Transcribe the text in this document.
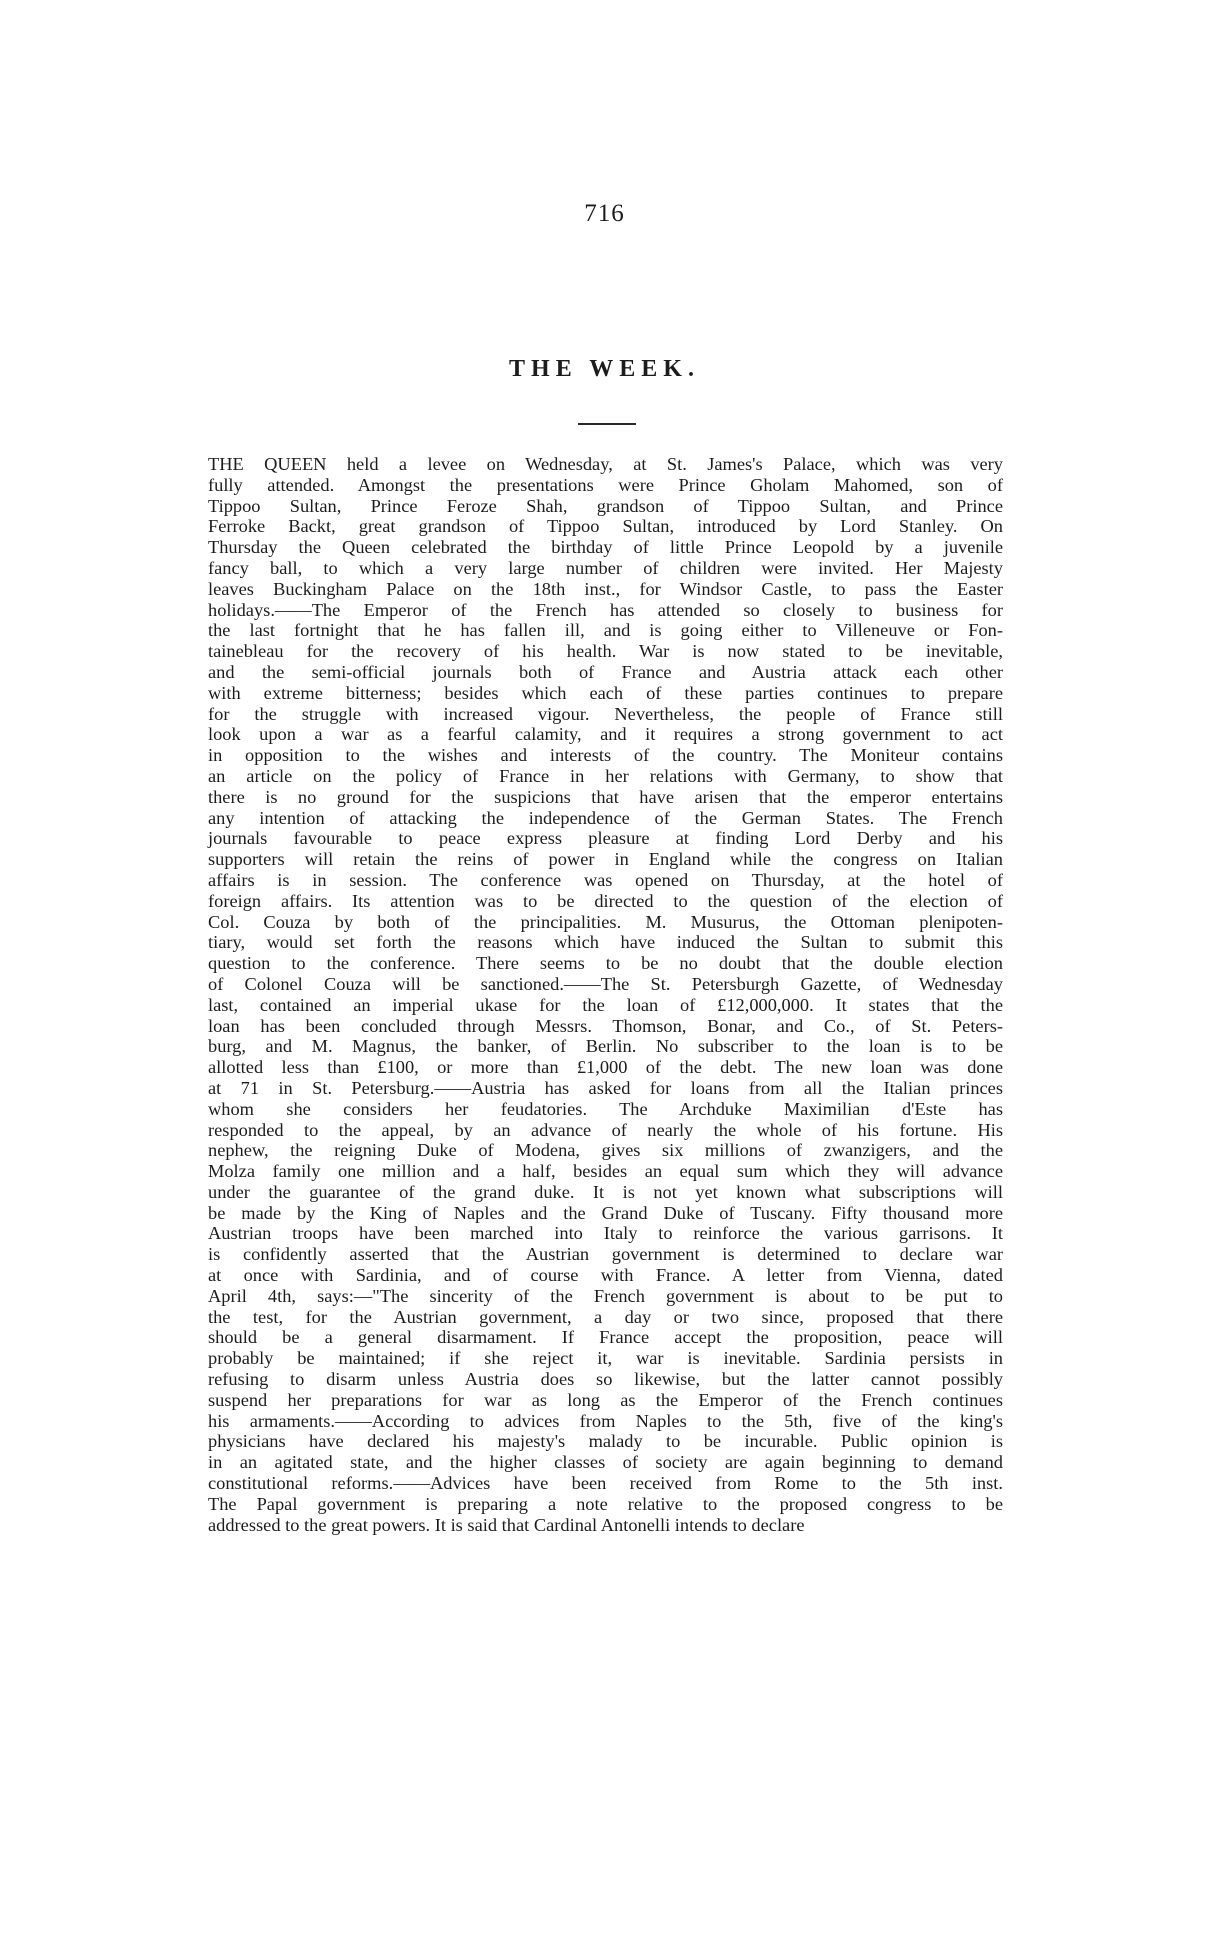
716
THE WEEK.
THE QUEEN held a levee on Wednesday, at St. James's Palace, which was very
fully attended. Amongst the presentations were Prince Gholam Mahomed, son of
Tippoo Sultan, Prince Feroze Shah, grandson of Tippoo Sultan, and Prince
Ferroke Backt, great grandson of Tippoo Sultan, introduced by Lord Stanley. On
Thursday the Queen celebrated the birthday of little Prince Leopold by a juvenile
fancy ball, to which a very large number of children were invited. Her Majesty
leaves Buckingham Palace on the 18th inst., for Windsor Castle, to pass the Easter
holidays.——The Emperor of the French has attended so closely to business for
the last fortnight that he has fallen ill, and is going either to Villeneuve or Fon-
tainebleau for the recovery of his health. War is now stated to be inevitable,
and the semi-official journals both of France and Austria attack each other
with extreme bitterness; besides which each of these parties continues to prepare
for the struggle with increased vigour. Nevertheless, the people of France still
look upon a war as a fearful calamity, and it requires a strong government to act
in opposition to the wishes and interests of the country. The Moniteur contains
an article on the policy of France in her relations with Germany, to show that
there is no ground for the suspicions that have arisen that the emperor entertains
any intention of attacking the independence of the German States. The French
journals favourable to peace express pleasure at finding Lord Derby and his
supporters will retain the reins of power in England while the congress on Italian
affairs is in session. The conference was opened on Thursday, at the hotel of
foreign affairs. Its attention was to be directed to the question of the election of
Col. Couza by both of the principalities. M. Musurus, the Ottoman plenipoten-
tiary, would set forth the reasons which have induced the Sultan to submit this
question to the conference. There seems to be no doubt that the double election
of Colonel Couza will be sanctioned.——The St. Petersburgh Gazette, of Wednesday
last, contained an imperial ukase for the loan of £12,000,000. It states that the
loan has been concluded through Messrs. Thomson, Bonar, and Co., of St. Peters-
burg, and M. Magnus, the banker, of Berlin. No subscriber to the loan is to be
allotted less than £100, or more than £1,000 of the debt. The new loan was done
at 71 in St. Petersburg.——Austria has asked for loans from all the Italian princes
whom she considers her feudatories. The Archduke Maximilian d'Este has
responded to the appeal, by an advance of nearly the whole of his fortune. His
nephew, the reigning Duke of Modena, gives six millions of zwanzigers, and the
Molza family one million and a half, besides an equal sum which they will advance
under the guarantee of the grand duke. It is not yet known what subscriptions will
be made by the King of Naples and the Grand Duke of Tuscany. Fifty thousand more
Austrian troops have been marched into Italy to reinforce the various garrisons. It
is confidently asserted that the Austrian government is determined to declare war
at once with Sardinia, and of course with France. A letter from Vienna, dated
April 4th, says:—"The sincerity of the French government is about to be put to
the test, for the Austrian government, a day or two since, proposed that there
should be a general disarmament. If France accept the proposition, peace will
probably be maintained; if she reject it, war is inevitable. Sardinia persists in
refusing to disarm unless Austria does so likewise, but the latter cannot possibly
suspend her preparations for war as long as the Emperor of the French continues
his armaments.——According to advices from Naples to the 5th, five of the king's
physicians have declared his majesty's malady to be incurable. Public opinion is
in an agitated state, and the higher classes of society are again beginning to demand
constitutional reforms.——Advices have been received from Rome to the 5th inst.
The Papal government is preparing a note relative to the proposed congress to be
addressed to the great powers. It is said that Cardinal Antonelli intends to declare
